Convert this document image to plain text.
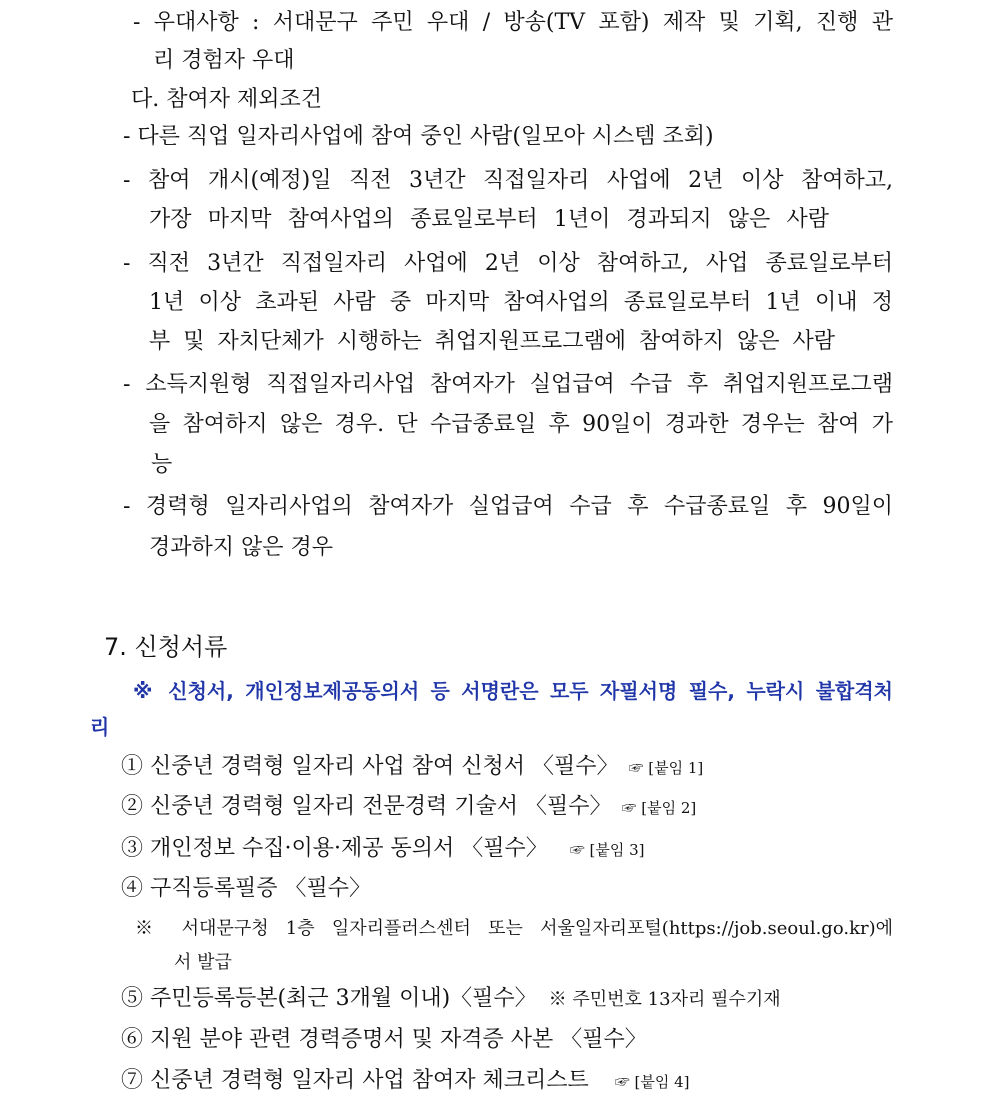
- 우대사항 : 서대문구 주민 우대 / 방송(TV 포함) 제작 및 기획, 진행 관
리 경험자 우대
다. 참여자 제외조건
- 다른 직업 일자리사업에 참여 중인 사람(일모아 시스템 조회)
- 참여 개시(예정)일 직전 3년간 직접일자리 사업에 2년 이상 참여하고,
가장 마지막 참여사업의 종료일로부터 1년이 경과되지 않은 사람
- 직전 3년간 직접일자리 사업에 2년 이상 참여하고, 사업 종료일로부터
1년 이상 초과된 사람 중 마지막 참여사업의 종료일로부터 1년 이내 정
부 및 자치단체가 시행하는 취업지원프로그램에 참여하지 않은 사람
- 소득지원형 직접일자리사업 참여자가 실업급여 수급 후 취업지원프로그램
을 참여하지 않은 경우. 단 수급종료일 후 90일이 경과한 경우는 참여 가
능
- 경력형 일자리사업의 참여자가 실업급여 수급 후 수급종료일 후 90일이
경과하지 않은 경우
7. 신청서류
※ 신청서, 개인정보제공동의서 등 서명란은 모두 자필서명 필수, 누락시 불합격처
리
① 신중년 경력형 일자리 사업 참여 신청서 〈필수〉 ☞ [붙임 1]
② 신중년 경력형 일자리 전문경력 기술서 〈필수〉 ☞ [붙임 2]
③ 개인정보 수집·이용·제공 동의서 〈필수〉 ☞ [붙임 3]
④ 구직등록필증 〈필수〉
※ 서대문구청 1층 일자리플러스센터 또는 서울일자리포털(https://job.seoul.go.kr)에
서 발급
⑤ 주민등록등본(최근 3개월 이내)〈필수〉 ※ 주민번호 13자리 필수기재
⑥ 지원 분야 관련 경력증명서 및 자격증 사본 〈필수〉
⑦ 신중년 경력형 일자리 사업 참여자 체크리스트 ☞ [붙임 4]
